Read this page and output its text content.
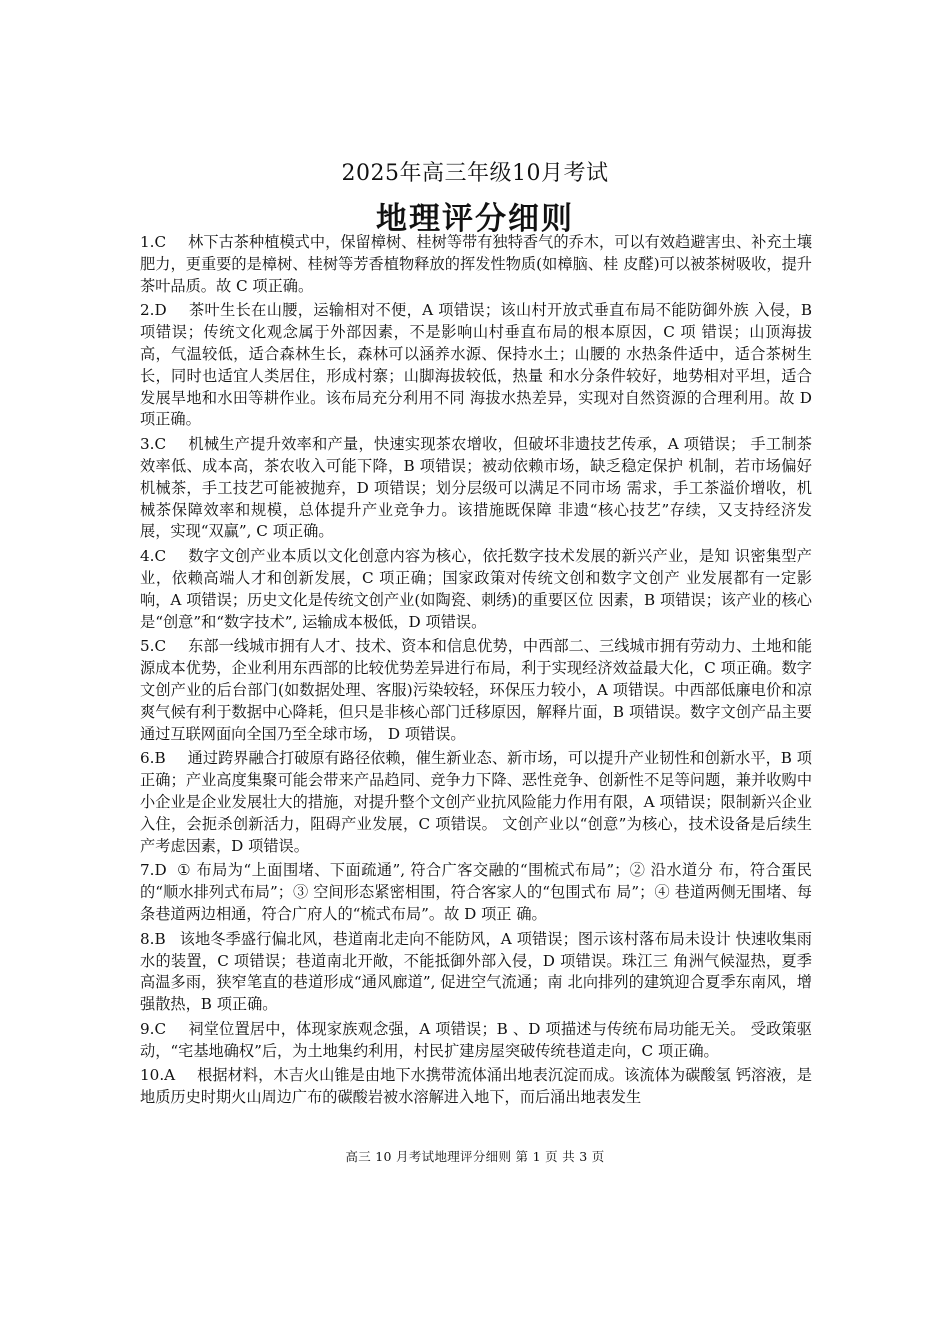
2025年高三年级10月考试
地理评分细则
1.C 林下古茶种植模式中，保留樟树、桂树等带有独特香气的乔木，可以有效趋避害虫、补充土壤肥力，更重要的是樟树、桂树等芳香植物释放的挥发性物质(如樟脑、桂 皮醛)可以被茶树吸收，提升茶叶品质。故 C 项正确。
2.D 茶叶生长在山腰，运输相对不便，A 项错误；该山村开放式垂直布局不能防御外族 入侵，B 项错误；传统文化观念属于外部因素，不是影响山村垂直布局的根本原因，C 项 错误；山顶海拔高，气温较低，适合森林生长，森林可以涵养水源、保持水土；山腰的 水热条件适中，适合茶树生长，同时也适宜人类居住，形成村寨；山脚海拔较低，热量 和水分条件较好，地势相对平坦，适合发展旱地和水田等耕作业。该布局充分利用不同 海拔水热差异，实现对自然资源的合理利用。故 D 项正确。
3.C 机械生产提升效率和产量，快速实现茶农增收，但破坏非遗技艺传承，A 项错误； 手工制茶效率低、成本高，茶农收入可能下降，B 项错误；被动依赖市场，缺乏稳定保护 机制，若市场偏好机械茶，手工技艺可能被抛弃，D 项错误；划分层级可以满足不同市场 需求，手工茶溢价增收，机械茶保障效率和规模，总体提升产业竞争力。该措施既保障 非遗“核心技艺”存续，又支持经济发展，实现“双赢”, C 项正确。
4.C 数字文创产业本质以文化创意内容为核心，依托数字技术发展的新兴产业，是知 识密集型产业，依赖高端人才和创新发展，C 项正确；国家政策对传统文创和数字文创产 业发展都有一定影响，A 项错误；历史文化是传统文创产业(如陶瓷、刺绣)的重要区位 因素，B 项错误；该产业的核心是“创意”和“数字技术”, 运输成本极低，D 项错误。
5.C 东部一线城市拥有人才、技术、资本和信息优势，中西部二、三线城市拥有劳动力、土地和能源成本优势，企业利用东西部的比较优势差异进行布局，利于实现经济效益最大化，C 项正确。数字文创产业的后台部门(如数据处理、客服)污染较轻，环保压力较小，A 项错误。中西部低廉电价和凉爽气候有利于数据中心降耗，但只是非核心部门迁移原因，解释片面，B 项错误。数字文创产品主要通过互联网面向全国乃至全球市场， D 项错误。
6.B 通过跨界融合打破原有路径依赖，催生新业态、新市场，可以提升产业韧性和创新水平，B 项正确；产业高度集聚可能会带来产品趋同、竞争力下降、恶性竞争、创新性不足等问题，兼并收购中小企业是企业发展壮大的措施，对提升整个文创产业抗风险能力作用有限，A 项错误；限制新兴企业入住，会扼杀创新活力，阻碍产业发展，C 项错误。 文创产业以“创意”为核心，技术设备是后续生产考虑因素，D 项错误。
7.D ① 布局为“上面围堵、下面疏通”, 符合广客交融的“围梳式布局”；② 沿水道分 布，符合蛋民的“顺水排列式布局”；③ 空间形态紧密相围，符合客家人的“包围式布 局”；④ 巷道两侧无围堵、每条巷道两边相通，符合广府人的“梳式布局”。故 D 项正 确。
8.B 该地冬季盛行偏北风，巷道南北走向不能防风，A 项错误；图示该村落布局未设计 快速收集雨水的装置，C 项错误；巷道南北开敞，不能抵御外部入侵，D 项错误。珠江三 角洲气候湿热，夏季高温多雨，狭窄笔直的巷道形成“通风廊道”, 促进空气流通；南 北向排列的建筑迎合夏季东南风，增强散热，B 项正确。
9.C 祠堂位置居中，体现家族观念强，A 项错误；B 、D 项描述与传统布局功能无关。 受政策驱动，“宅基地确权”后，为土地集约利用，村民扩建房屋突破传统巷道走向，C 项正确。
10.A 根据材料，木吉火山锥是由地下水携带流体涌出地表沉淀而成。该流体为碳酸氢 钙溶液，是地质历史时期火山周边广布的碳酸岩被水溶解进入地下，而后涌出地表发生
高三 10 月考试地理评分细则 第 1 页 共 3 页
